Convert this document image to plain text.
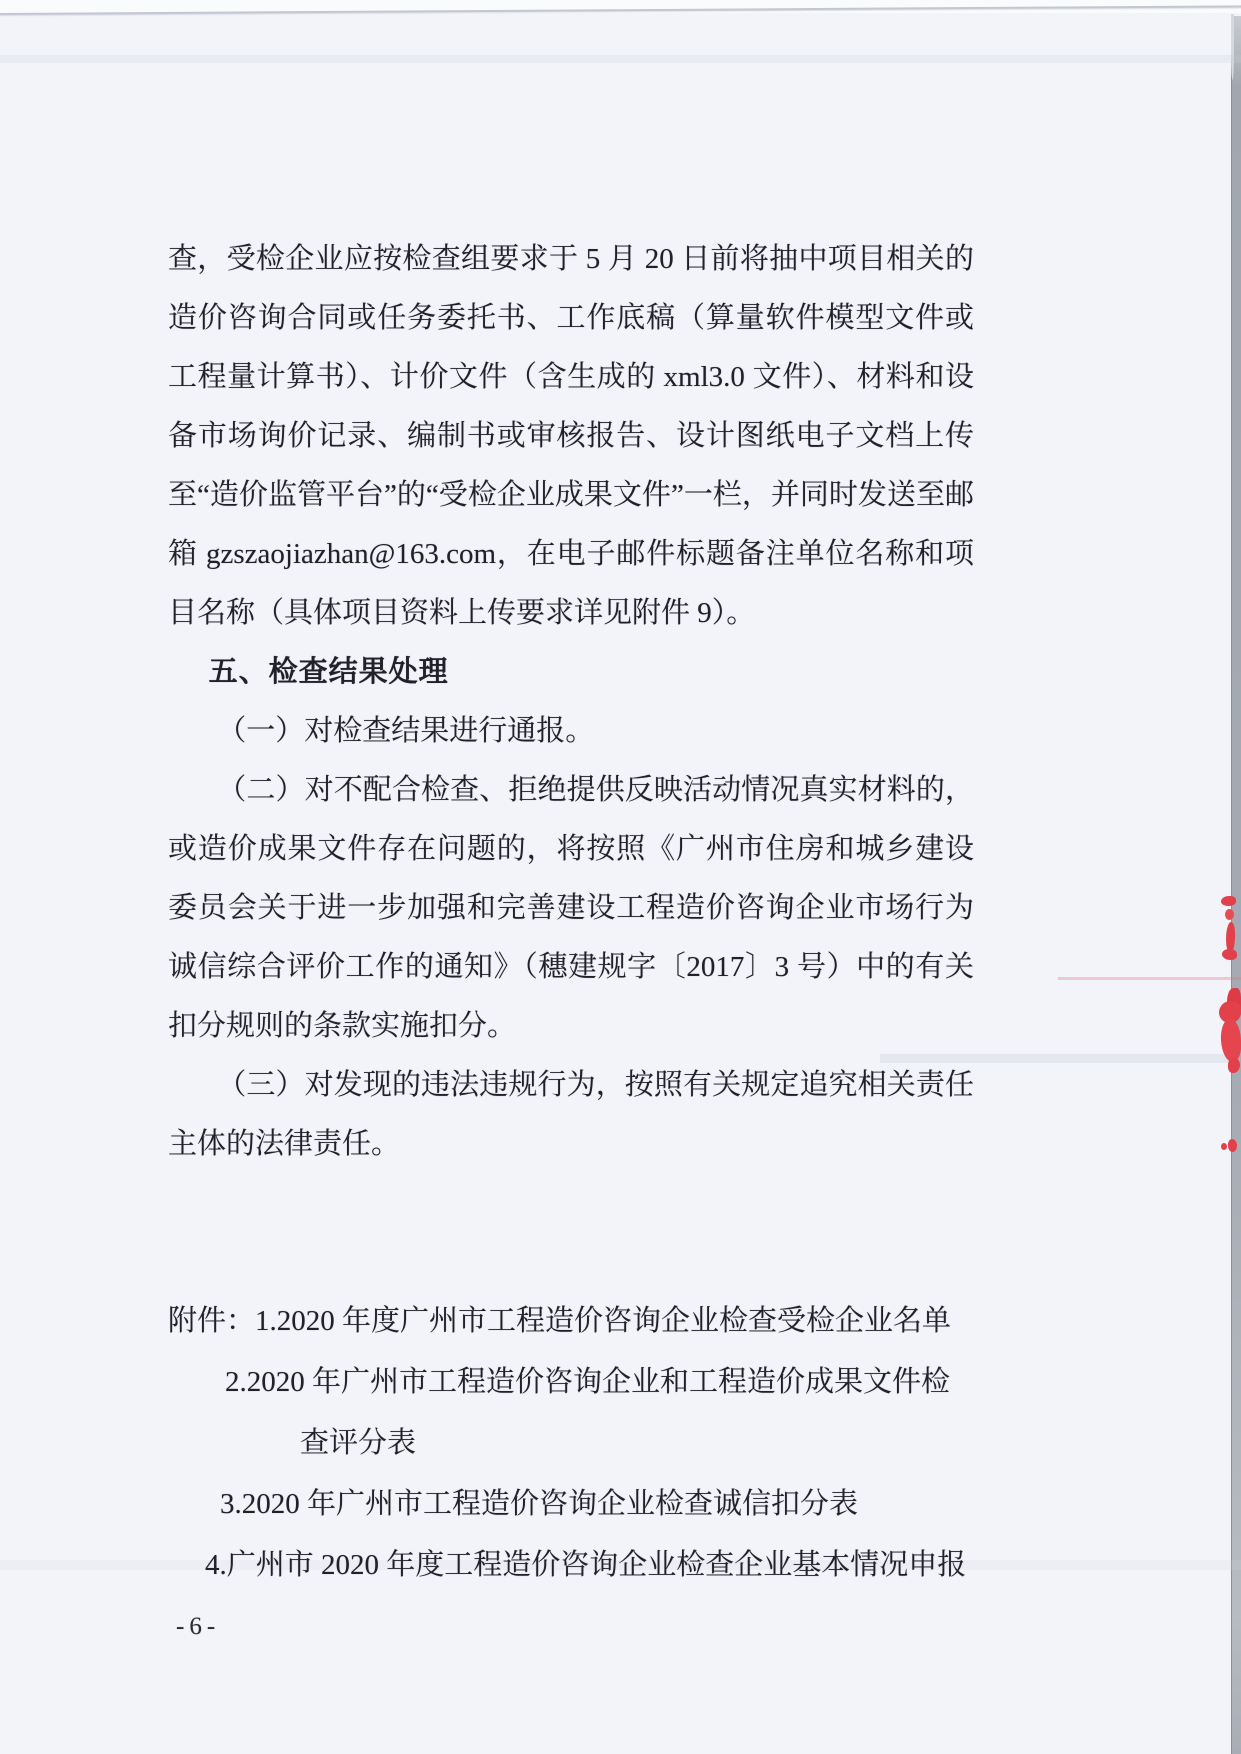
查，受检企业应按检查组要求于 5 月 20 日前将抽中项目相关的造价咨询合同或任务委托书、工作底稿（算量软件模型文件或工程量计算书）、计价文件（含生成的 xml3.0 文件）、材料和设备市场询价记录、编制书或审核报告、设计图纸电子文档上传至“造价监管平台”的“受检企业成果文件”一栏，并同时发送至邮箱 gzszaojiazhan@163.com，在电子邮件标题备注单位名称和项目名称（具体项目资料上传要求详见附件 9）。

五、检查结果处理

（一）对检查结果进行通报。

（二）对不配合检查、拒绝提供反映活动情况真实材料的，或造价成果文件存在问题的，将按照《广州市住房和城乡建设委员会关于进一步加强和完善建设工程造价咨询企业市场行为诚信综合评价工作的通知》（穗建规字〔2017〕3 号）中的有关扣分规则的条款实施扣分。

（三）对发现的违法违规行为，按照有关规定追究相关责任主体的法律责任。

附件：1.2020 年度广州市工程造价咨询企业检查受检企业名单
2.2020 年广州市工程造价咨询企业和工程造价成果文件检
查评分表
3.2020 年广州市工程造价咨询企业检查诚信扣分表
4.广州市 2020 年度工程造价咨询企业检查企业基本情况申报
-6-
